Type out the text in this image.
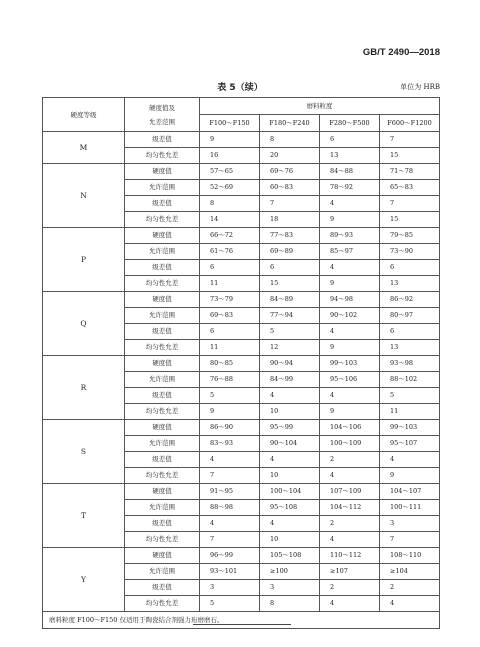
GB/T 2490—2018
表 5（续）	单位为 HRB
硬度等级	硬度值及
允差范围	磨料粒度			
		F100～F150	F180～F240	F280～F500	F600～F1200
M	级差值	9	8	6	7
	均匀性允差	16	20	13	15
N	硬度值	57～65	69～76	84～88	71～78
	允许范围	52～69	60～83	78～92	65～83
	级差值	8	7	4	7
	均匀性允差	14	18	9	15
P	硬度值	66～72	77～83	89～93	79～85
	允许范围	61～76	69～89	85～97	73～90
	级差值	6	6	4	6
	均匀性允差	11	15	9	13
Q	硬度值	73～79	84～89	94～98	86～92
	允许范围	69～83	77～94	90～102	80～97
	级差值	6	5	4	6
	均匀性允差	11	12	9	13
R	硬度值	80～85	90～94	99～103	93～98
	允许范围	76～88	84～99	95～106	88～102
	级差值	5	4	4	5
	均匀性允差	9	10	9	11
S	硬度值	86～90	95～99	104～106	99～103
	允许范围	83～93	90～104	100～109	95～107
	级差值	4	4	2	4
	均匀性允差	7	10	4	9
T	硬度值	91～95	100～104	107～109	104～107
	允许范围	88～98	95～108	104～112	100～111
	级差值	4	4	2	3
	均匀性允差	7	10	4	7
Y	硬度值	96～99	105～108	110～112	108～110
	允许范围	93～101	≥100	≥107	≥104
	级差值	3	3	2	2
	均匀性允差	5	8	4	4
磨料粒度 F100～F150 仅适用于陶瓷结合剂强力珩磨磨石。					
